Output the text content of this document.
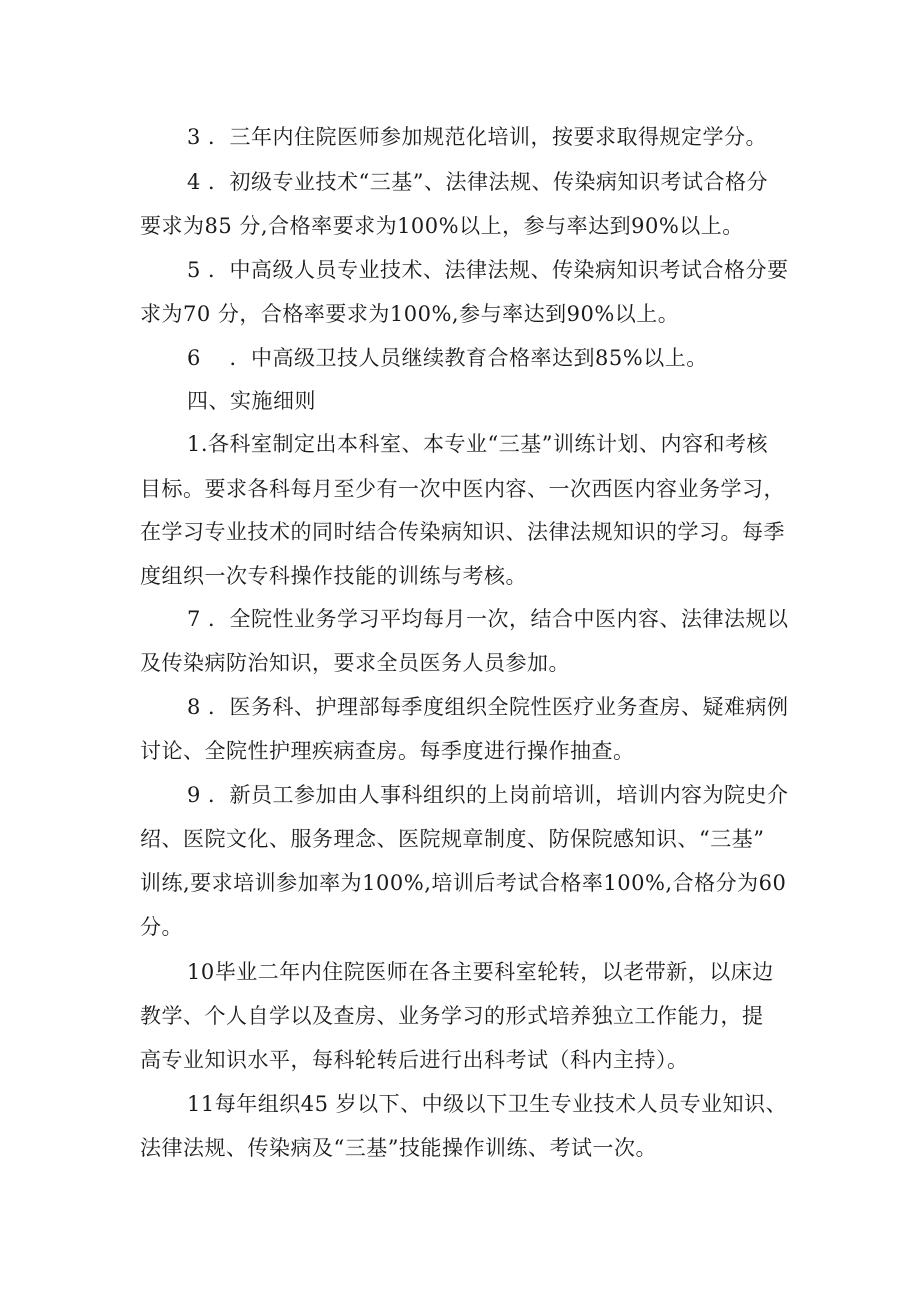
3 ．三年内住院医师参加规范化培训，按要求取得规定学分。
4 ．初级专业技术“三基”、法律法规、传染病知识考试合格分
要求为85 分,合格率要求为100%以上，参与率达到90%以上。
5 ．中高级人员专业技术、法律法规、传染病知识考试合格分要
求为70 分，合格率要求为100%,参与率达到90%以上。
6 　．中高级卫技人员继续教育合格率达到85%以上。
四、实施细则
1.各科室制定出本科室、本专业“三基”训练计划、内容和考核
目标。要求各科每月至少有一次中医内容、一次西医内容业务学习，
在学习专业技术的同时结合传染病知识、法律法规知识的学习。每季
度组织一次专科操作技能的训练与考核。
7 ．全院性业务学习平均每月一次，结合中医内容、法律法规以
及传染病防治知识，要求全员医务人员参加。
8 ．医务科、护理部每季度组织全院性医疗业务查房、疑难病例
讨论、全院性护理疾病查房。每季度进行操作抽查。
9 ．新员工参加由人事科组织的上岗前培训，培训内容为院史介
绍、医院文化、服务理念、医院规章制度、防保院感知识、“三基”
训练,要求培训参加率为100%,培训后考试合格率100%,合格分为60
分。
10毕业二年内住院医师在各主要科室轮转，以老带新，以床边
教学、个人自学以及查房、业务学习的形式培养独立工作能力，提
高专业知识水平，每科轮转后进行出科考试（科内主持）。
11每年组织45 岁以下、中级以下卫生专业技术人员专业知识、
法律法规、传染病及“三基”技能操作训练、考试一次。
